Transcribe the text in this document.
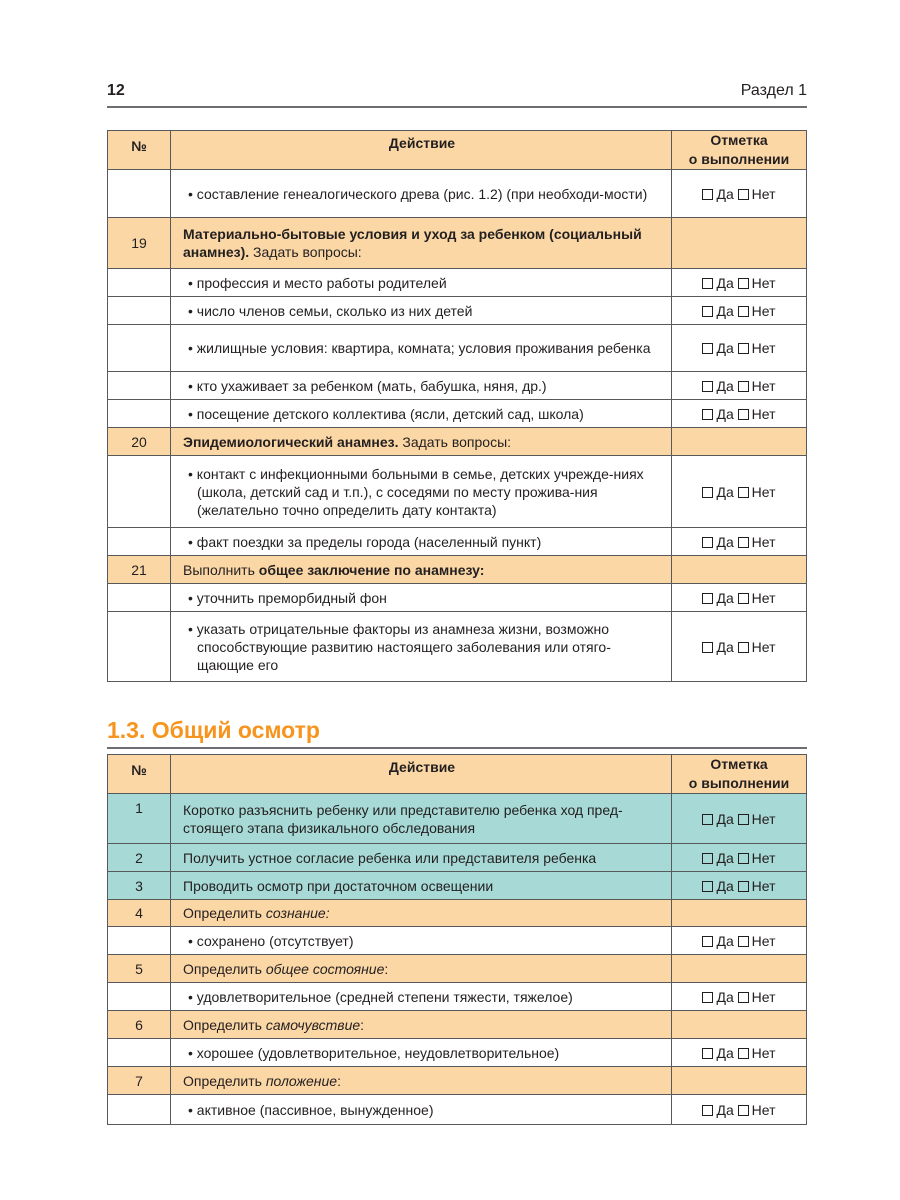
12	Раздел 1
№	Действие	Отметка
о выполнении

	• составление генеалогического древа (рис. 1.2) (при необходи-мости)	Да Нет
19	Материально-бытовые условия и уход за ребенком (социальный анамнез). Задать вопросы:	

	• профессия и место работы родителей	Да Нет

	• число членов семьи, сколько из них детей	Да Нет

	• жилищные условия: квартира, комната; условия проживания ребенка	Да Нет

	• кто ухаживает за ребенком (мать, бабушка, няня, др.)	Да Нет

	• посещение детского коллектива (ясли, детский сад, школа)	Да Нет
20	Эпидемиологический анамнез. Задать вопросы:	

	• контакт с инфекционными больными в семье, детских учрежде-ниях (школа, детский сад и т.п.), с соседями по месту прожива-ния (желательно точно определить дату контакта)	Да Нет

	• факт поездки за пределы города (населенный пункт)	Да Нет
21	Выполнить общее заключение по анамнезу:	

	• уточнить преморбидный фон	Да Нет

	• указать отрицательные факторы из анамнеза жизни, возможно способствующие развитию настоящего заболевания или отяго-щающие его	Да Нет
1.3. Общий осмотр
№	Действие	Отметка
о выполнении
1	Коротко разъяснить ребенку или представителю ребенка ход пред-стоящего этапа физикального обследования	Да Нет
2	Получить устное согласие ребенка или представителя ребенка	Да Нет
3	Проводить осмотр при достаточном освещении	Да Нет
4	Определить сознание:	

	• сохранено (отсутствует)	Да Нет
5	Определить общее состояние:	

	• удовлетворительное (средней степени тяжести, тяжелое)	Да Нет
6	Определить самочувствие:	

	• хорошее (удовлетворительное, неудовлетворительное)	Да Нет
7	Определить положение:	

	• активное (пассивное, вынужденное)	Да Нет
